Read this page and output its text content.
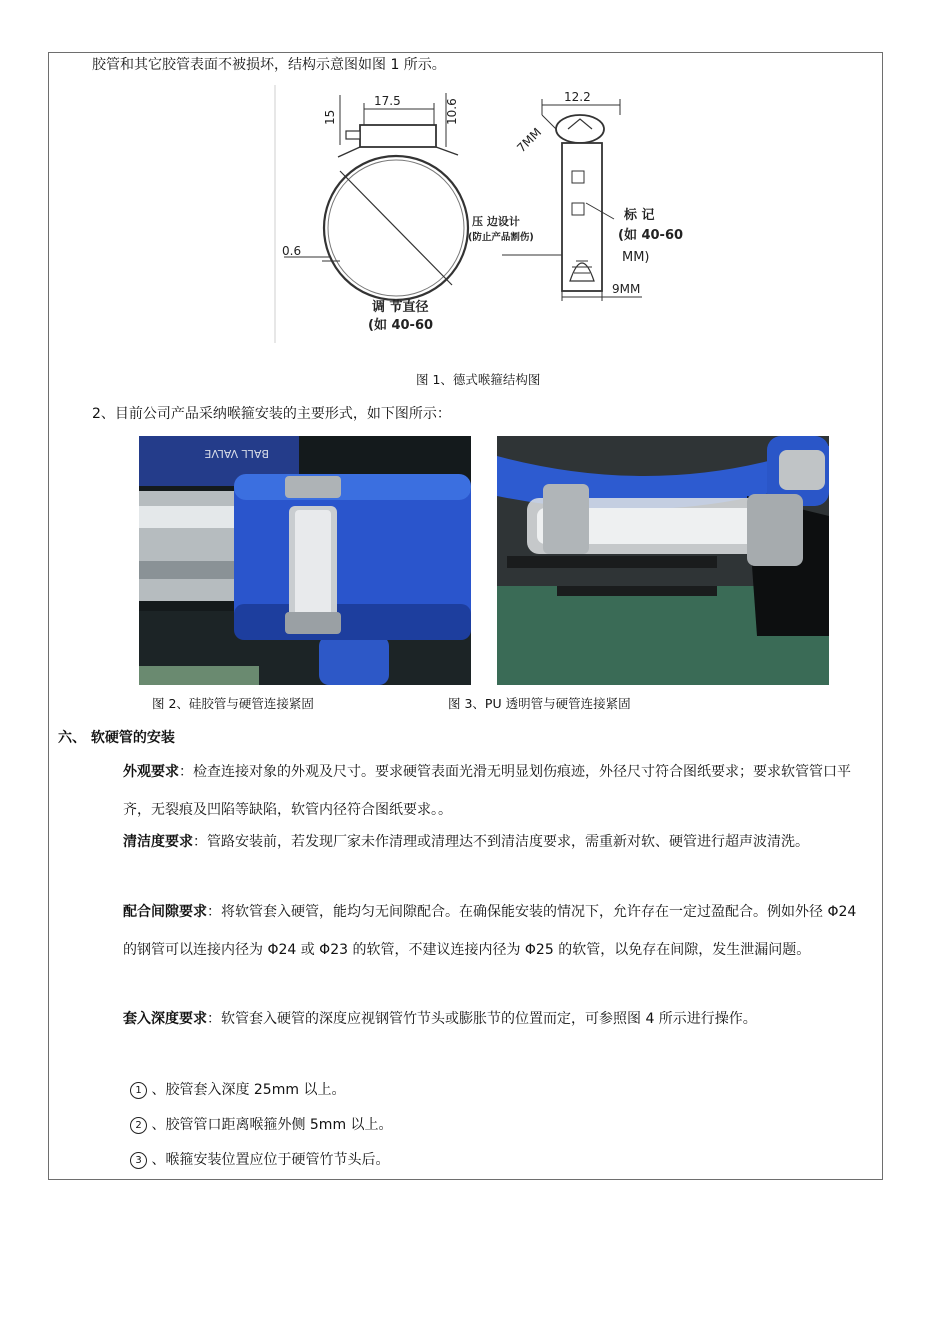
胶管和其它胶管表面不被损坏，结构示意图如图 1 所示。
17.5
15	10.6
0.6
12.2
7MM
9MM
压 边设计
(防止产品割伤)
标 记
(如 40-60
MM)
调 节直径
(如 40-60
图 1、德式喉箍结构图
2、目前公司产品采纳喉箍安装的主要形式，如下图所示：
BALL VALVE
图 2、硅胶管与硬管连接紧固	图 3、PU 透明管与硬管连接紧固
六、 软硬管的安装
外观要求：检查连接对象的外观及尺寸。要求硬管表面光滑无明显划伤痕迹，外径尺寸符合图纸要求；要求软管管口平齐，无裂痕及凹陷等缺陷，软管内径符合图纸要求。。
清洁度要求：管路安装前，若发现厂家未作清理或清理达不到清洁度要求，需重新对软、硬管进行超声波清洗。
配合间隙要求：将软管套入硬管，能均匀无间隙配合。在确保能安装的情况下，允许存在一定过盈配合。例如外径 Φ24 的钢管可以连接内径为 Φ24 或 Φ23 的软管，不建议连接内径为 Φ25 的软管，以免存在间隙，发生泄漏问题。
套入深度要求：软管套入硬管的深度应视钢管竹节头或膨胀节的位置而定，可参照图 4 所示进行操作。
1 、胶管套入深度 25mm 以上。
2 、胶管管口距离喉箍外侧 5mm 以上。
3 、喉箍安装位置应位于硬管竹节头后。
